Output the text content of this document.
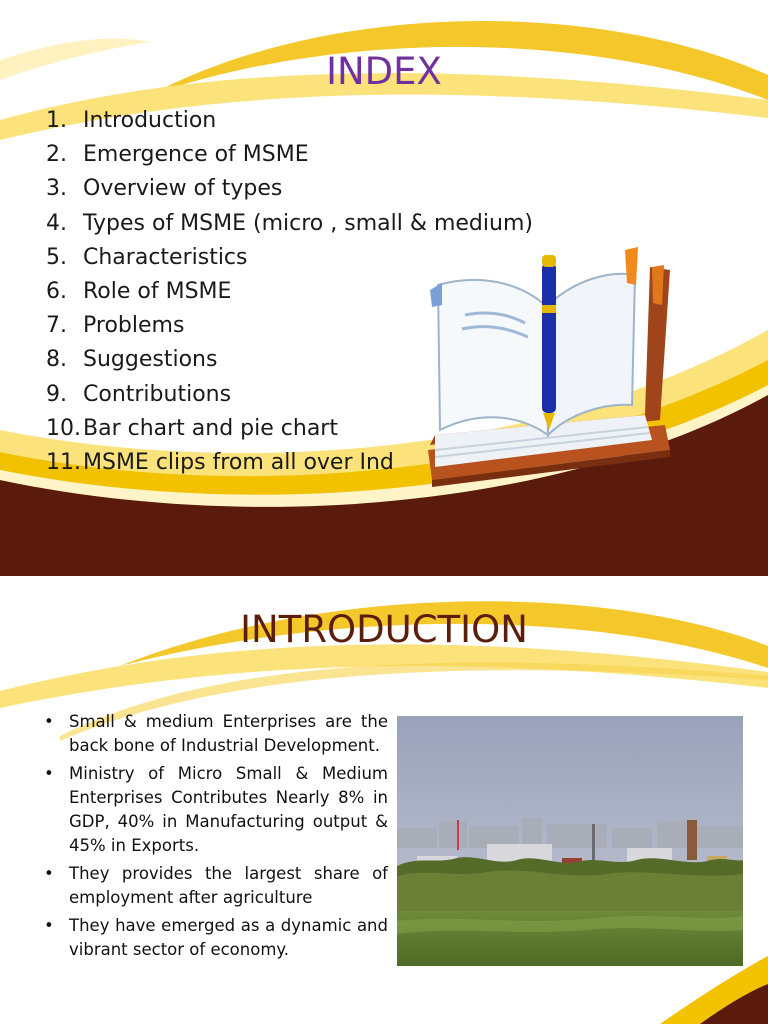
INDEX
1. Introduction
2. Emergence of MSME
3. Overview of types
4. Types of MSME (micro , small & medium)
5. Characteristics
6. Role of MSME
7. Problems
8. Suggestions
9. Contributions
10. Bar chart and pie chart
11. MSME clips from all over Ind
INTRODUCTION
• Small & medium Enterprises are the back bone of Industrial Development.
• Ministry of Micro Small & Medium Enterprises Contributes Nearly 8% in GDP, 40% in Manufacturing output & 45% in Exports.
• They provides the largest share of employment after agriculture
• They have emerged as a dynamic and vibrant sector of economy.
